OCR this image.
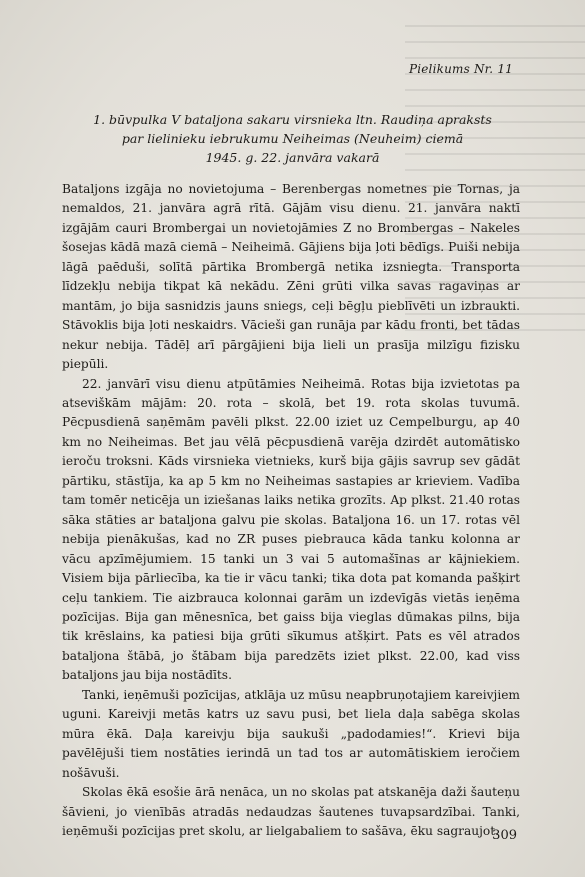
Pielikums Nr. 11
1. būvpulka V bataljona sakaru virsnieka ltn. Raudiņa apraksts
par lielinieku iebrukumu Neiheimas (Neuheim) ciemā
1945. g. 22. janvāra vakarā

Bataljons izgāja no novietojuma – Berenbergas nometnes pie Tornas, ja nemaldos, 21. janvāra agrā rītā. Gājām visu dienu. 21. janvāra naktī izgājām cauri Brombergai un novietojāmies Z no Brombergas – Nakeles šosejas kādā mazā ciemā – Neiheimā. Gājiens bija ļoti bēdīgs. Puiši nebija lāgā paēduši, solītā pārtika Brombergā netika izsniegta. Transporta līdzekļu nebija tikpat kā nekādu. Zēni grūti vilka savas ragaviņas ar mantām, jo bija sasnidzis jauns sniegs, ceļi bēgļu pieblīvēti un izbraukti. Stāvoklis bija ļoti neskaidrs. Vācieši gan runāja par kādu fronti, bet tādas nekur nebija. Tādēļ arī pārgājieni bija lieli un prasīja milzīgu fizisku piepūli.

22. janvārī visu dienu atpūtāmies Neiheimā. Rotas bija izvietotas pa atseviškām mājām: 20. rota – skolā, bet 19. rota skolas tuvumā. Pēcpusdienā saņēmām pavēli plkst. 22.00 iziet uz Cempelburgu, ap 40 km no Neiheimas. Bet jau vēlā pēcpusdienā varēja dzirdēt automātisko ieroču troksni. Kāds virsnieka vietnieks, kurš bija gājis savrup sev gādāt pārtiku, stāstīja, ka ap 5 km no Neiheimas sastapies ar krieviem. Vadība tam tomēr neticēja un iziešanas laiks netika grozīts. Ap plkst. 21.40 rotas sāka stāties ar bataljona galvu pie skolas. Bataljona 16. un 17. rotas vēl nebija pienākušas, kad no ZR puses piebrauca kāda tanku kolonna ar vācu apzīmējumiem. 15 tanki un 3 vai 5 automašīnas ar kājniekiem. Visiem bija pārliecība, ka tie ir vācu tanki; tika dota pat komanda pašķirt ceļu tankiem. Tie aizbrauca kolonnai garām un izdevīgās vietās ieņēma pozīcijas. Bija gan mēnesnīca, bet gaiss bija vieglas dūmakas pilns, bija tik krēslains, ka patiesi bija grūti sīkumus atšķirt. Pats es vēl atrados bataljona štābā, jo štābam bija paredzēts iziet plkst. 22.00, kad viss bataljons jau bija nostādīts.

Tanki, ieņēmuši pozīcijas, atklāja uz mūsu neapbruņotajiem kareivjiem uguni. Kareivji metās katrs uz savu pusi, bet liela daļa sabēga skolas mūra ēkā. Daļa kareivju bija saukuši „padodamies!“. Krievi bija pavēlējuši tiem nostāties ierindā un tad tos ar automātiskiem ieročiem nošāvuši.

Skolas ēkā esošie ārā nenāca, un no skolas pat atskanēja daži šauteņu šāvieni, jo vienībās atradās nedaudzas šautenes tuvapsardzībai. Tanki, ieņēmuši pozīcijas pret skolu, ar lielgabaliem to sašāva, ēku sagraujot.

309
